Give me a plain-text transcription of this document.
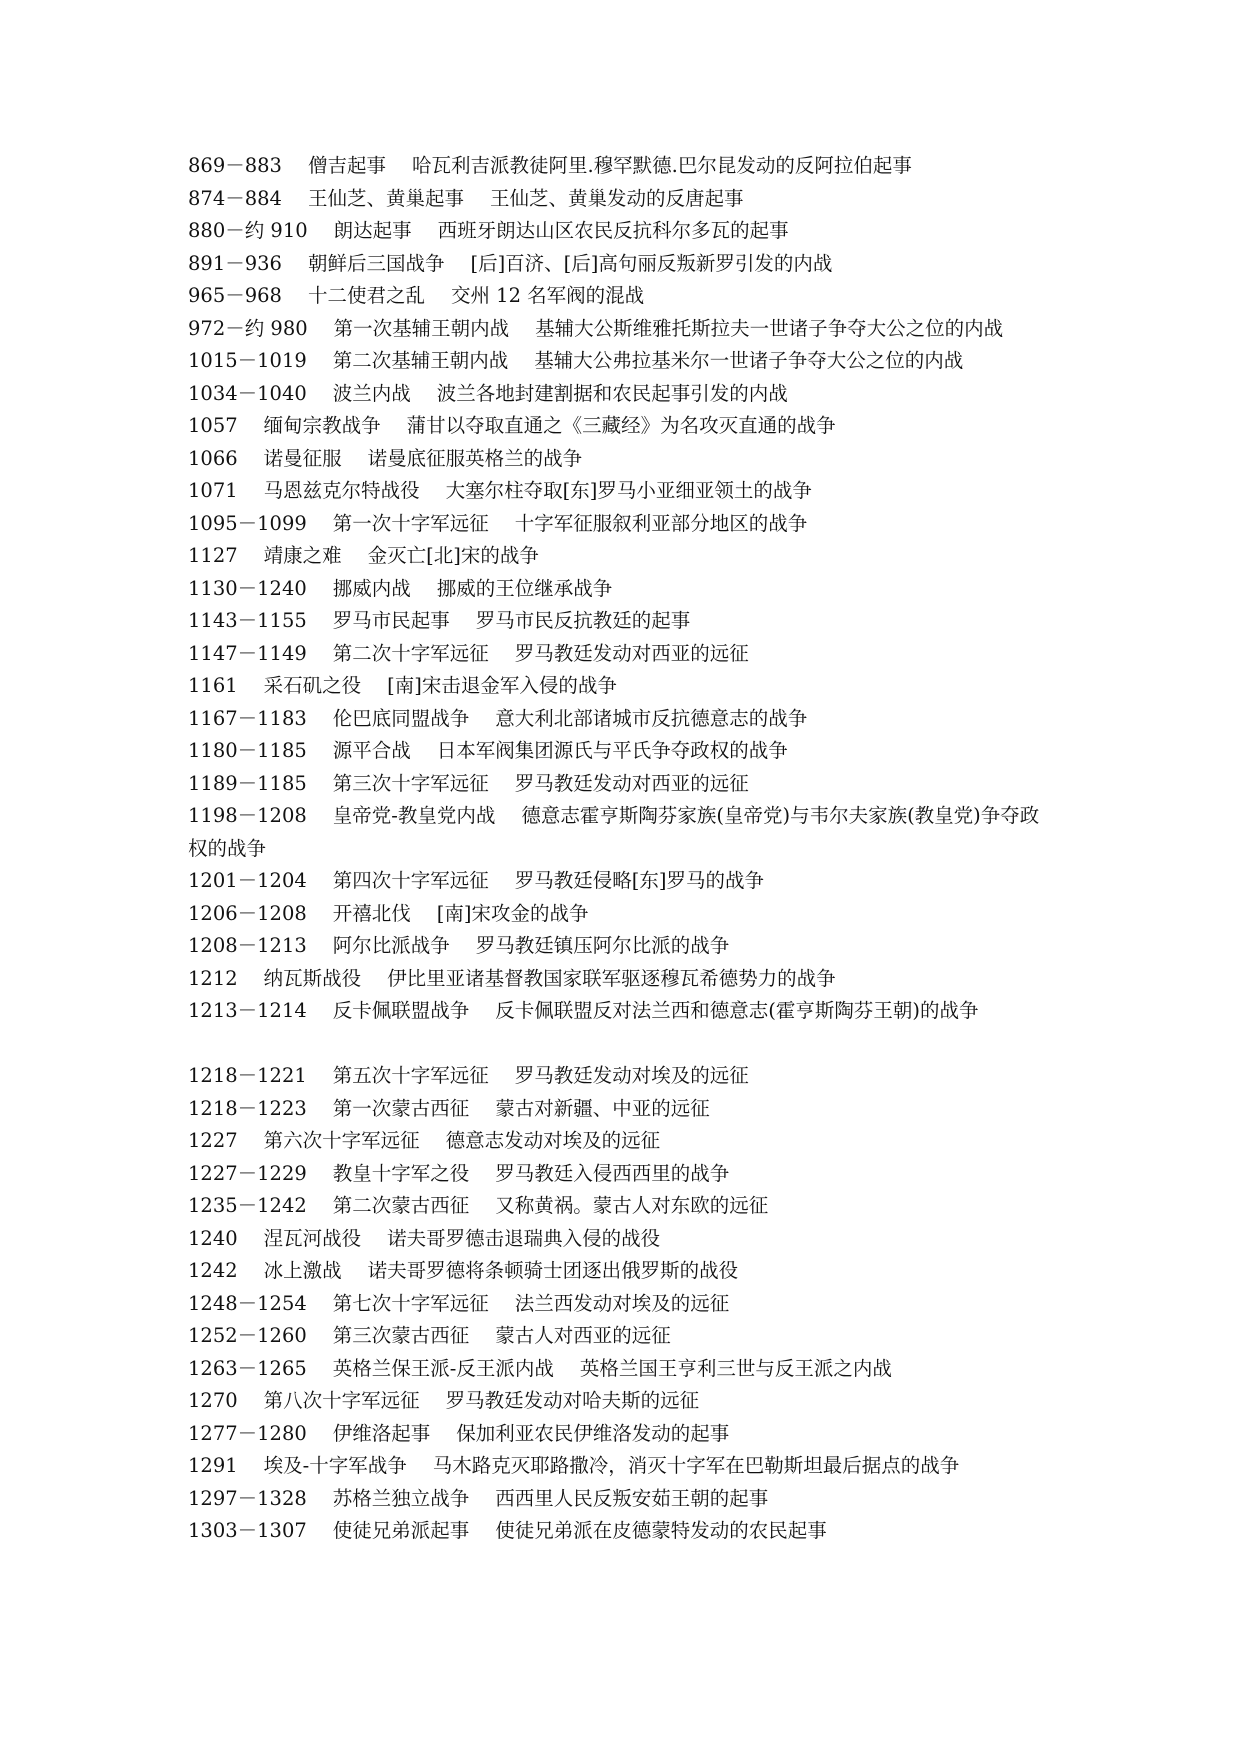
869－883 僧吉起事 哈瓦利吉派教徒阿里.穆罕默德.巴尔昆发动的反阿拉伯起事

874－884 王仙芝、黄巢起事 王仙芝、黄巢发动的反唐起事

880－约 910 朗达起事 西班牙朗达山区农民反抗科尔多瓦的起事

891－936 朝鲜后三国战争 [后]百济、[后]高句丽反叛新罗引发的内战

965－968 十二使君之乱 交州 12 名军阀的混战

972－约 980 第一次基辅王朝内战 基辅大公斯维雅托斯拉夫一世诸子争夺大公之位的内战

1015－1019 第二次基辅王朝内战 基辅大公弗拉基米尔一世诸子争夺大公之位的内战

1034－1040 波兰内战 波兰各地封建割据和农民起事引发的内战

1057 缅甸宗教战争 蒲甘以夺取直通之《三藏经》为名攻灭直通的战争

1066 诺曼征服 诺曼底征服英格兰的战争

1071 马恩兹克尔特战役 大塞尔柱夺取[东]罗马小亚细亚领土的战争

1095－1099 第一次十字军远征 十字军征服叙利亚部分地区的战争

1127 靖康之难 金灭亡[北]宋的战争

1130－1240 挪威内战 挪威的王位继承战争

1143－1155 罗马市民起事 罗马市民反抗教廷的起事

1147－1149 第二次十字军远征 罗马教廷发动对西亚的远征

1161 采石矶之役 [南]宋击退金军入侵的战争

1167－1183 伦巴底同盟战争 意大利北部诸城市反抗德意志的战争

1180－1185 源平合战 日本军阀集团源氏与平氏争夺政权的战争

1189－1185 第三次十字军远征 罗马教廷发动对西亚的远征

1198－1208 皇帝党-教皇党内战 德意志霍亨斯陶芬家族(皇帝党)与韦尔夫家族(教皇党)争夺政权的战争

1201－1204 第四次十字军远征 罗马教廷侵略[东]罗马的战争

1206－1208 开禧北伐 [南]宋攻金的战争

1208－1213 阿尔比派战争 罗马教廷镇压阿尔比派的战争

1212 纳瓦斯战役 伊比里亚诸基督教国家联军驱逐穆瓦希德势力的战争

1213－1214 反卡佩联盟战争 反卡佩联盟反对法兰西和德意志(霍亨斯陶芬王朝)的战争

1218－1221 第五次十字军远征 罗马教廷发动对埃及的远征

1218－1223 第一次蒙古西征 蒙古对新疆、中亚的远征

1227 第六次十字军远征 德意志发动对埃及的远征

1227－1229 教皇十字军之役 罗马教廷入侵西西里的战争

1235－1242 第二次蒙古西征 又称黄祸。蒙古人对东欧的远征

1240 涅瓦河战役 诺夫哥罗德击退瑞典入侵的战役

1242 冰上激战 诺夫哥罗德将条顿骑士团逐出俄罗斯的战役

1248－1254 第七次十字军远征 法兰西发动对埃及的远征

1252－1260 第三次蒙古西征 蒙古人对西亚的远征

1263－1265 英格兰保王派-反王派内战 英格兰国王亨利三世与反王派之内战

1270 第八次十字军远征 罗马教廷发动对哈夫斯的远征

1277－1280 伊维洛起事 保加利亚农民伊维洛发动的起事

1291 埃及-十字军战争 马木路克灭耶路撒冷，消灭十字军在巴勒斯坦最后据点的战争

1297－1328 苏格兰独立战争 西西里人民反叛安茹王朝的起事

1303－1307 使徒兄弟派起事 使徒兄弟派在皮德蒙特发动的农民起事
